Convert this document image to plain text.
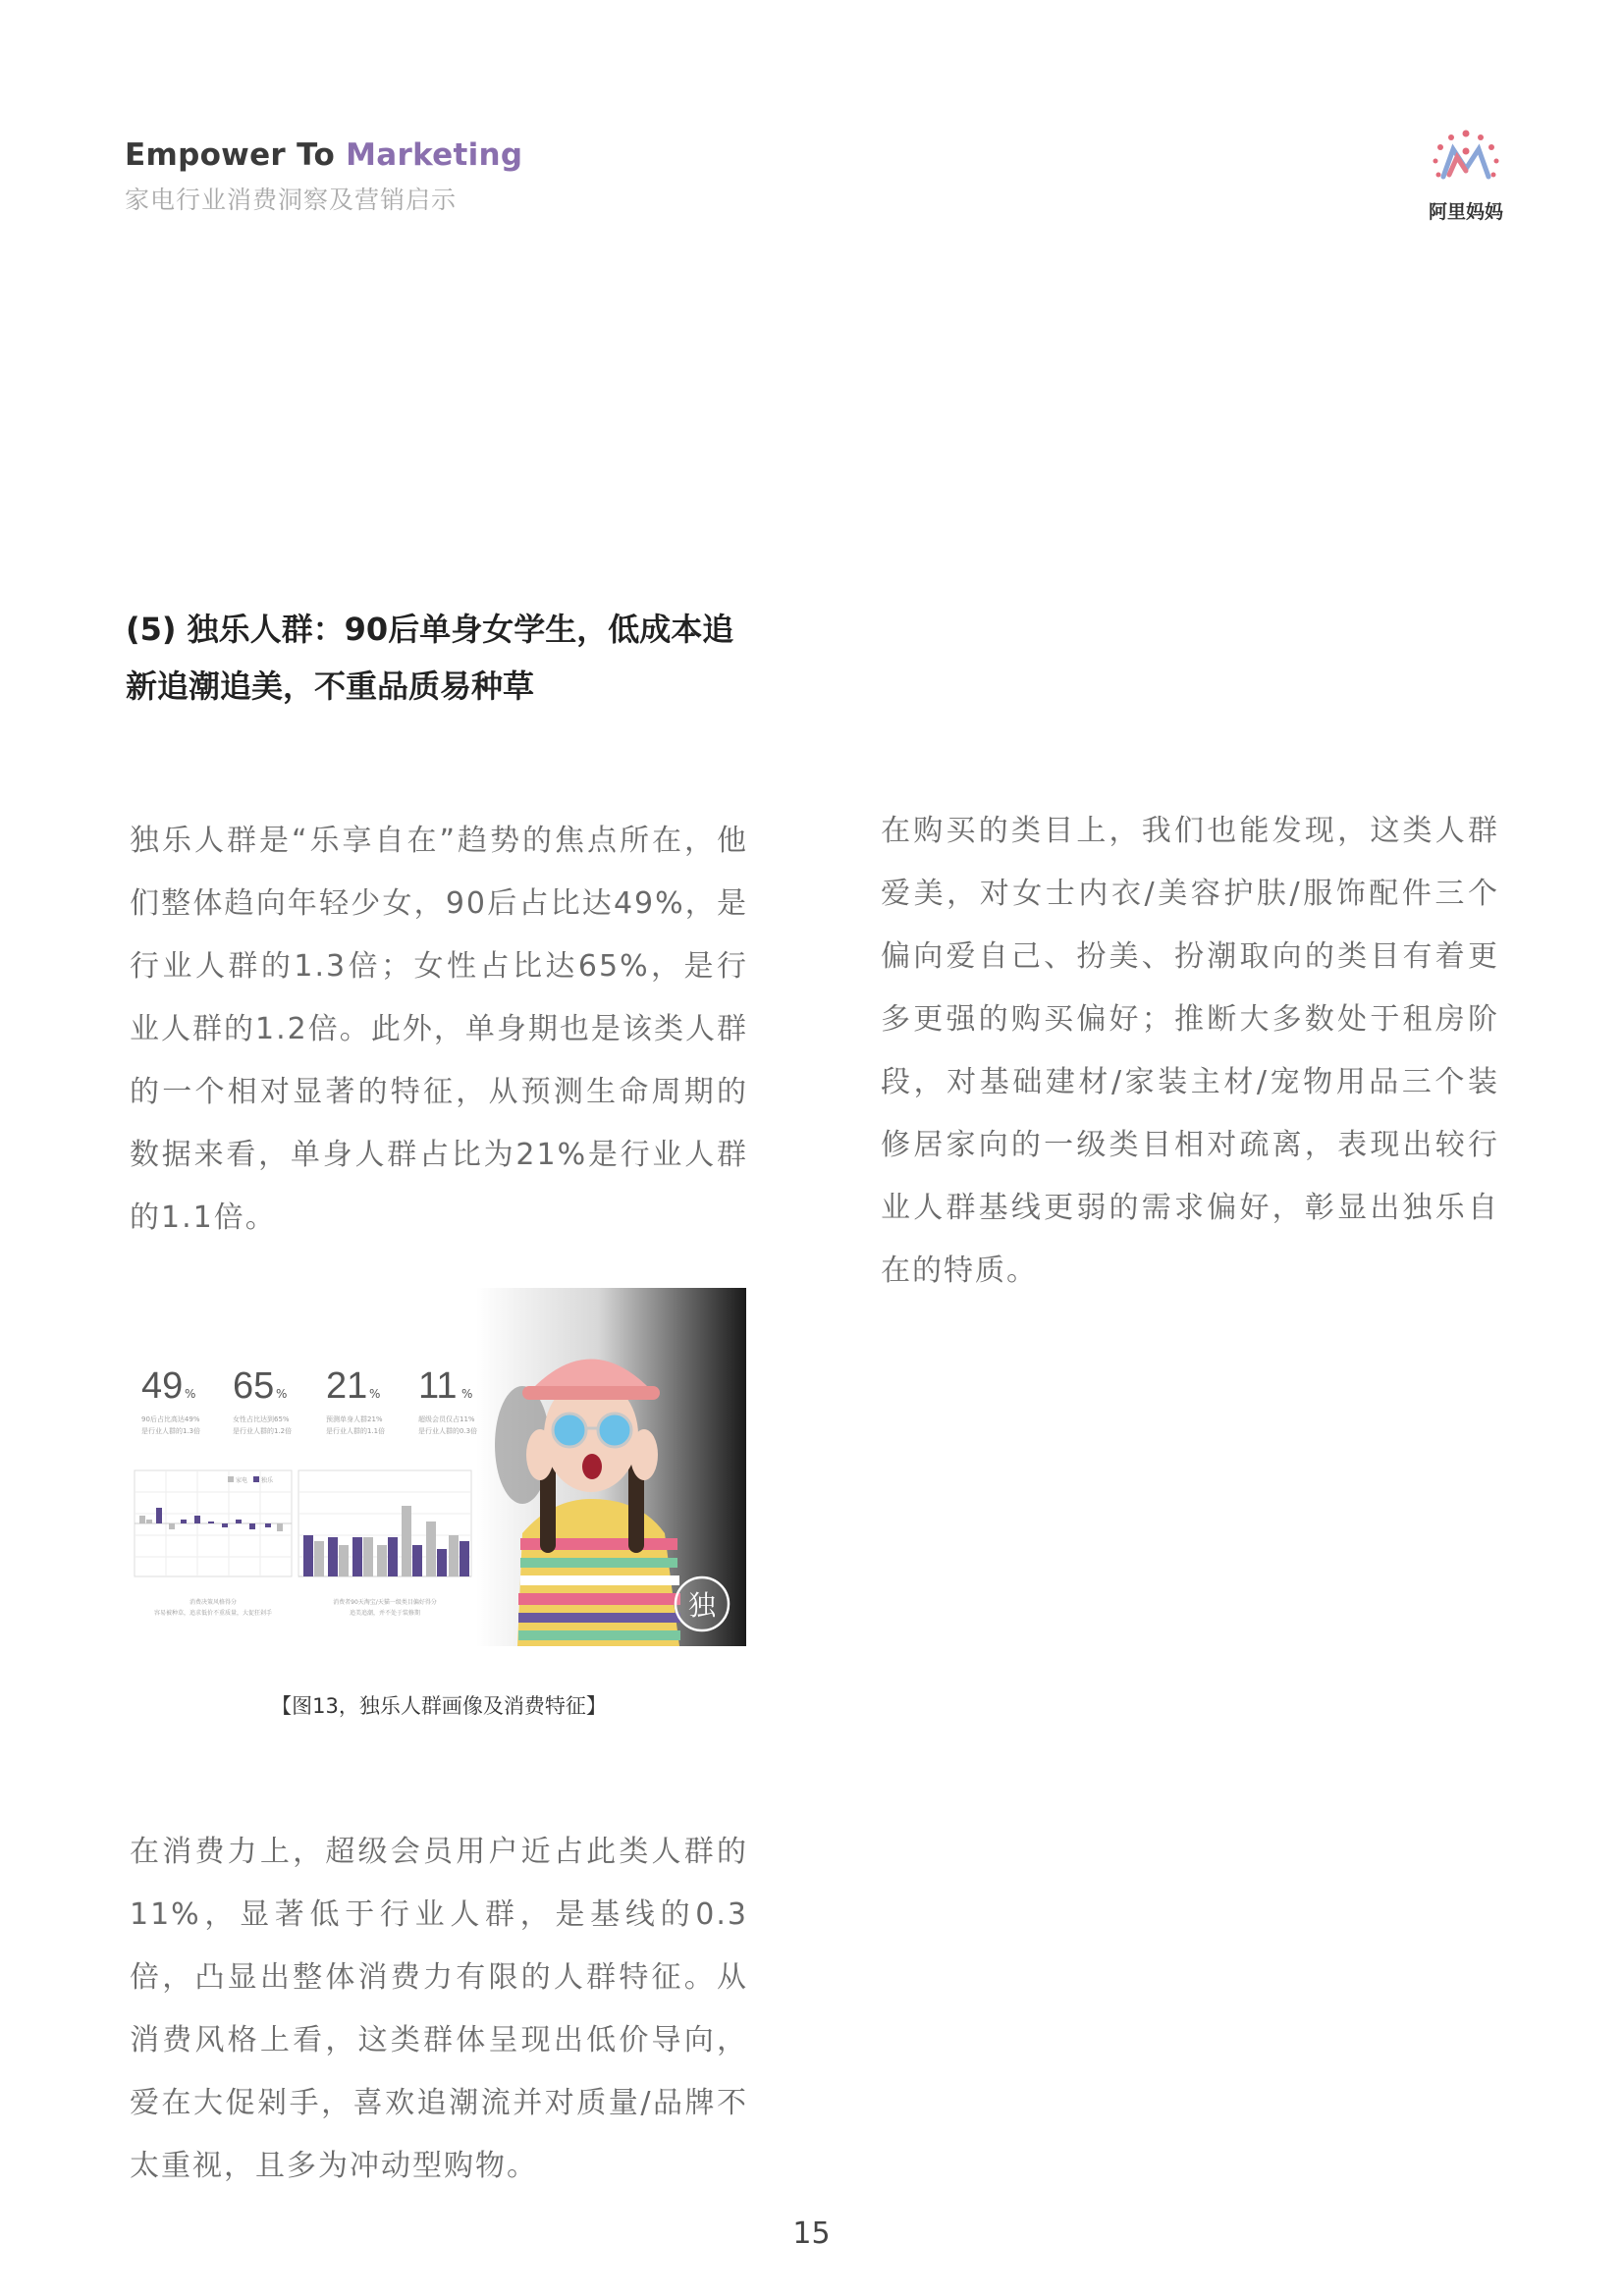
Empower To Marketing
家电行业消费洞察及营销启示	阿里妈妈
(5) 独乐人群：90后单身女学生，低成本追新追潮追美，不重品质易种草
独乐人群是“乐享自在”趋势的焦点所在，他们整体趋向年轻少女，90后占比达49%，是行业人群的1.3倍；女性占比达65%，是行业人群的1.2倍。此外，单身期也是该类人群的一个相对显著的特征，从预测生命周期的数据来看，单身人群占比为21%是行业人群的1.1倍。
在购买的类目上，我们也能发现，这类人群爱美，对女士内衣/美容护肤/服饰配件三个偏向爱自己、扮美、扮潮取向的类目有着更多更强的购买偏好；推断大多数处于租房阶段，对基础建材/家装主材/宠物用品三个装修居家向的一级类目相对疏离，表现出较行业人群基线更弱的需求偏好，彰显出独乐自在的特质。
独
49 %
90后占比高达49%
是行业人群的1.3倍
65 %
女性占比达到65%
是行业人群的1.2倍
21 %
预测单身人群21%
是行业人群的1.1倍
11 %
超级会员仅占11%
是行业人群的0.3倍
家电 独乐
消费决策风格得分
容易被种草，追求低价不重质量，大促狂剁手
消费者90天淘宝/天猫一级类目偏好得分
追美追潮，并不处于装修期
【图13，独乐人群画像及消费特征】
在消费力上，超级会员用户近占此类人群的11%，显著低于行业人群，是基线的0.3倍，凸显出整体消费力有限的人群特征。从消费风格上看，这类群体呈现出低价导向，爱在大促剁手，喜欢追潮流并对质量/品牌不太重视，且多为冲动型购物。
15
